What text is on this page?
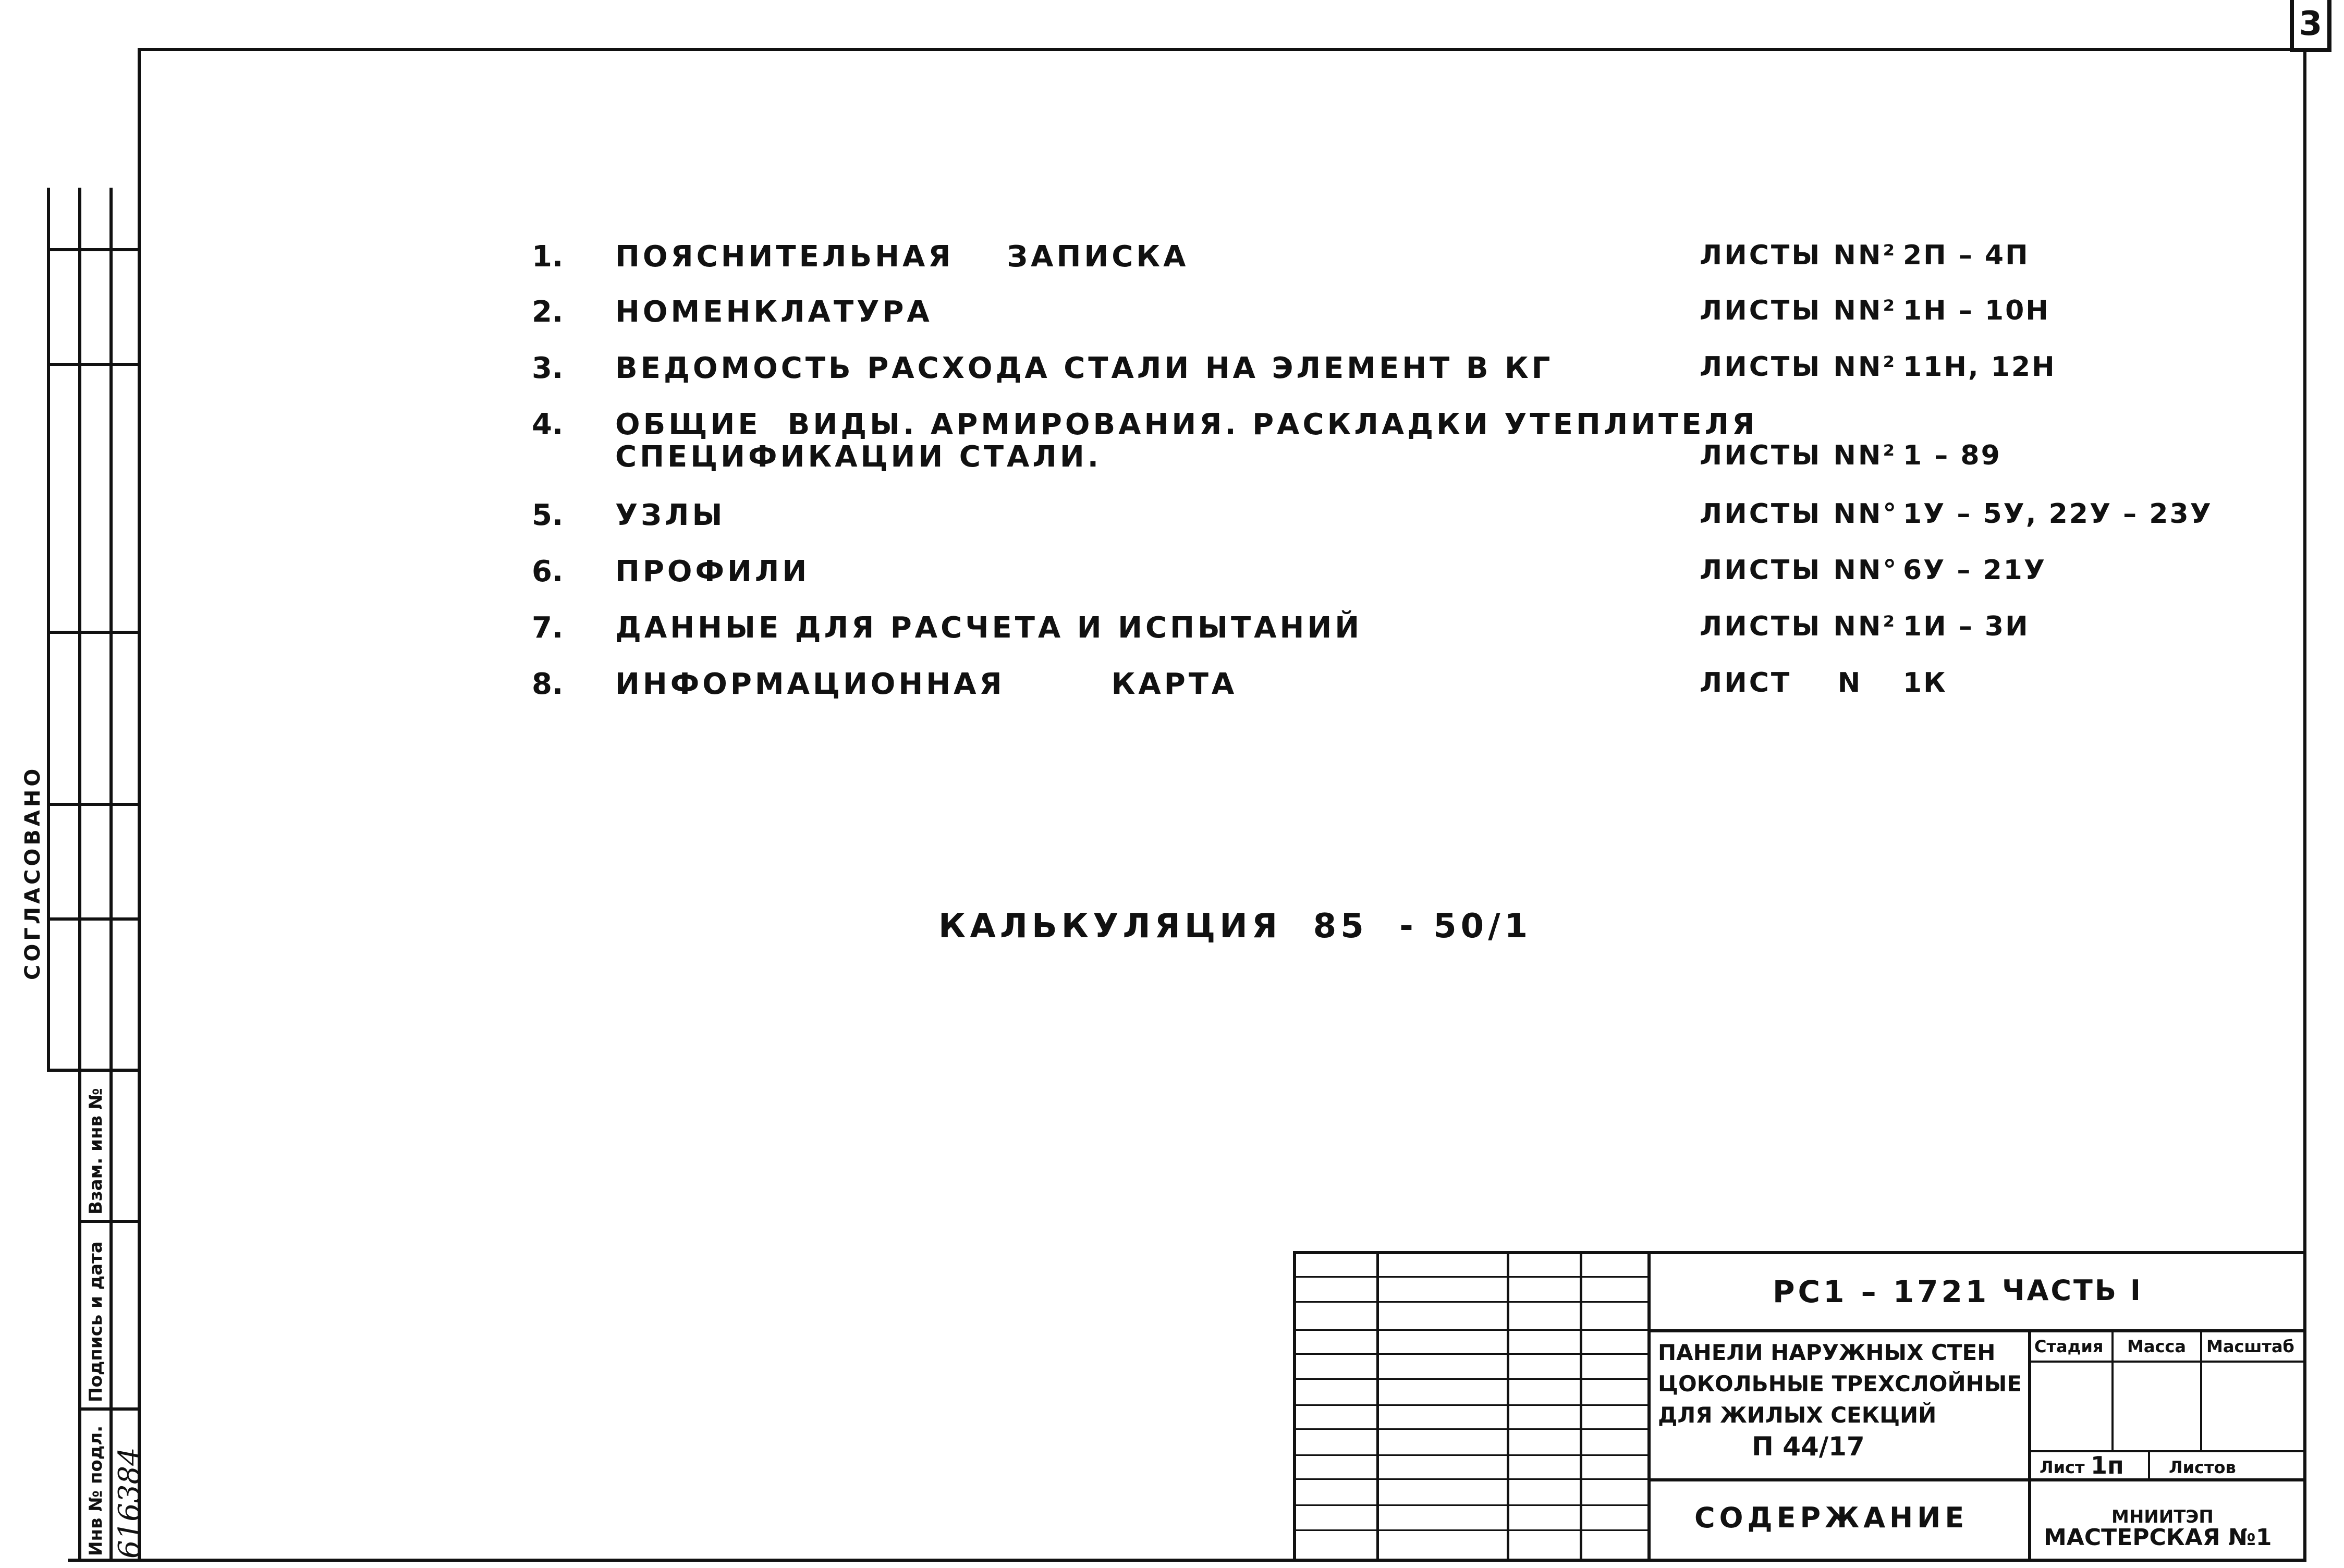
3
СОГЛАСОВАНО
Взам. инв №
Подпись и дата
Инв № подл. 616384
1. ПОЯСНИТЕЛЬНАЯ    ЗАПИСКА	ЛИСТЫ NN² 2П – 4П
2. НОМЕНКЛАТУРА	ЛИСТЫ NN² 1Н – 10Н
3. ВЕДОМОСТЬ РАСХОДА СТАЛИ НА ЭЛЕМЕНТ В КГ	ЛИСТЫ NN² 11Н, 12Н
4. ОБЩИЕ  ВИДЫ. АРМИРОВАНИЯ. РАСКЛАДКИ УТЕПЛИТЕЛЯ
СПЕЦИФИКАЦИИ СТАЛИ.	ЛИСТЫ NN² 1 – 89
5. УЗЛЫ	ЛИСТЫ NN° 1У – 5У, 22У – 23У
6. ПРОФИЛИ	ЛИСТЫ NN° 6У – 21У
7. ДАННЫЕ ДЛЯ РАСЧЕТА И ИСПЫТАНИЙ	ЛИСТЫ NN² 1И – 3И
8. ИНФОРМАЦИОННАЯ        КАРТА	ЛИСТ    N 1К
КАЛЬКУЛЯЦИЯ  85  - 50/1
РС1 – 1721 ЧАСТЬ I
ПАНЕЛИ НАРУЖНЫХ СТЕН
ЦОКОЛЬНЫЕ ТРЕХСЛОЙНЫЕ
ДЛЯ ЖИЛЫХ СЕКЦИЙ
П 44/17
Стадия Масса Масштаб
Лист 1п	Листов
СОДЕРЖАНИЕ	МНИИТЭП
МАСТЕРСКАЯ №1
